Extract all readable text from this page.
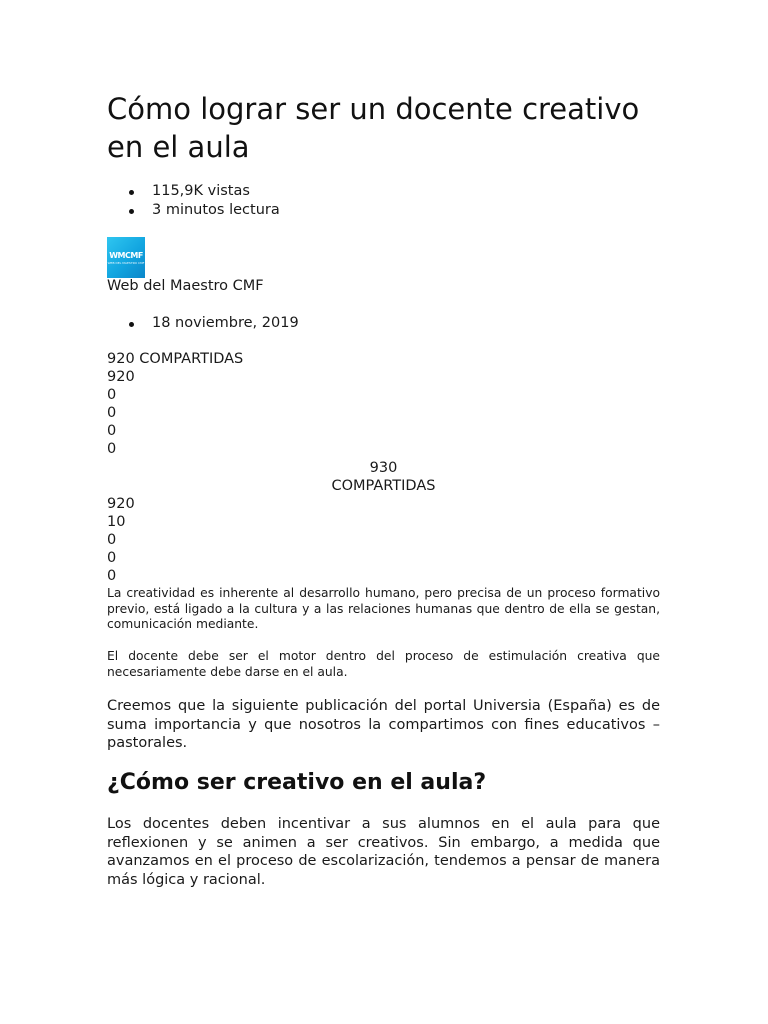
Cómo lograr ser un docente creativo en el aula
115,9K vistas
3 minutos lectura
WMCMF
WEB DEL MAESTRO CMF
Web del Maestro CMF
18 noviembre, 2019
920 COMPARTIDAS
920
0
0
0
0
930
COMPARTIDAS
920
10
0
0
0

La creatividad es inherente al desarrollo humano, pero precisa de un proceso formativo previo, está ligado a la cultura y a las relaciones humanas que dentro de ella se gestan, comunicación mediante.

El docente debe ser el motor dentro del proceso de estimulación creativa que necesariamente debe darse en el aula.

Creemos que la siguiente publicación del portal Universia (España) es de suma importancia y que nosotros la compartimos con fines educativos – pastorales.

¿Cómo ser creativo en el aula?

Los docentes deben incentivar a sus alumnos en el aula para que reflexionen y se animen a ser creativos. Sin embargo, a medida que avanzamos en el proceso de escolarización, tendemos a pensar de manera más lógica y racional.
